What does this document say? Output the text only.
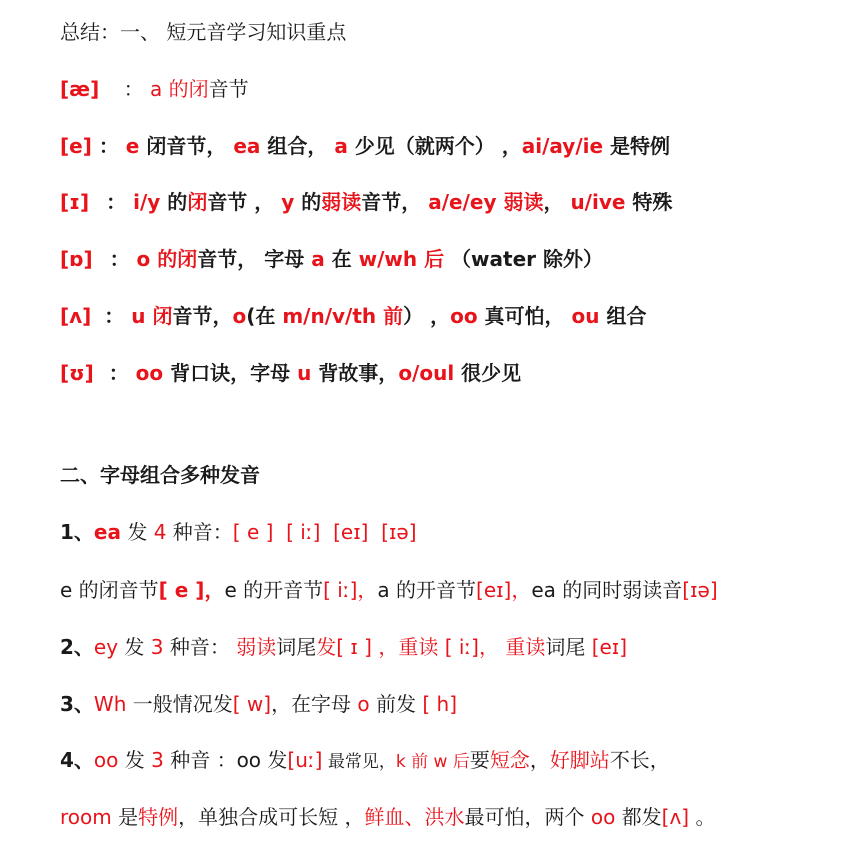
总结：一、 短元音学习知识重点
[æ] ： a 的闭音节
[e] ： e 闭音节， ea 组合， a 少见（就两个） ，ai/ay/ie 是特例
[ɪ] ： i/y 的闭音节 ， y 的弱读音节， a/e/ey 弱读， u/ive 特殊
[ɒ] ： o 的闭音节， 字母 a 在 w/wh 后 （water 除外）
[ʌ] ： u 闭音节，o(在 m/n/v/th 前） ，oo 真可怕， ou 组合
[ʊ] ： oo 背口诀，字母 u 背故事，o/oul 很少见
二、字母组合多种发音
1、ea 发 4 种音：[ e ]  [ iː]  [eɪ]  [ɪə]
e 的闭音节[ e ]，e 的开音节[ iː]，a 的开音节[eɪ]，ea 的同时弱读音[ɪə]
2、ey 发 3 种音： 弱读词尾发[ ɪ ] ，重读 [ iː]， 重读词尾 [eɪ]
3、Wh 一般情况发[ w]，在字母 o 前发 [ h]
4、oo 发 3 种音 ：oo 发[uː] 最常见，k 前 w 后要短念，好脚站不长，
room 是特例，单独合成可长短 ，鲜血、洪水最可怕，两个 oo 都发[ʌ] 。
